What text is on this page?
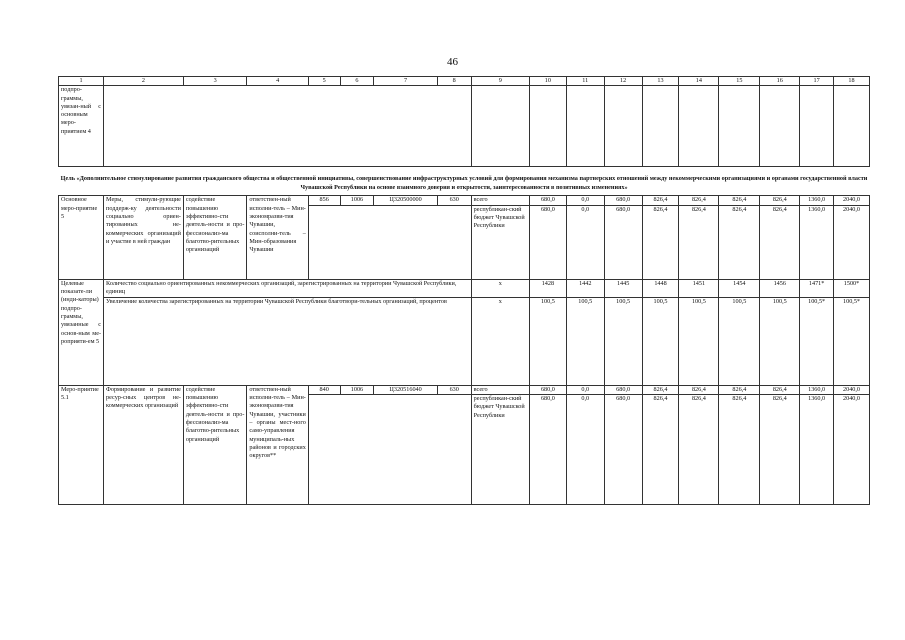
46
1	2	3	4	5	6	7	8	9	10	11	12	13	14	15	16	17	18
подпро-граммы, увязан-ный с основным меро-приятием 4																	
Цель «Дополнительное стимулирование развития гражданского общества и общественной инициативы, совершенствование инфраструктурных условий для формирования механизма партнерских отношений между некоммерческими организациями и органами государственной власти Чувашской Республики на основе взаимного доверия и открытости, заинтересованности в позитивных изменениях»																	
Основное меро-приятие 5	Меры, стимули-рующие поддерж-ку деятельности социально ориен-тированных не-коммерческих организаций и участие в ней граждан	содействие повышению эффективно-сти деятель-ности и про-фессионализ-ма благотво-рительных организаций	ответствен-ный исполни-тель – Мин-экономразви-тия Чувашии, соисполни-тель – Мин-образования Чувашии	856	1006	Ц320500000	630	всего	680,0	0,0	680,0	826,4	826,4	826,4	826,4	1360,0	2040,0
								республикан-ский бюджет Чувашской Республики	680,0	0,0	680,0	826,4	826,4	826,4	826,4	1360,0	2040,0
Целевые показате-ли (инди-каторы) подпро-граммы, увязанные с основ-ным ме-роприяти-ем 5	Количество социально ориентированных некоммерческих организаций, зарегистрированных на территории Чувашской Республики, единиц							х	1428	1442	1445	1448	1451	1454	1456	1471*	1500*
	Увеличение количества зарегистрированных на территории Чувашской Республики благотвори-тельных организаций, процентов							х	100,5	100,5	100,5	100,5	100,5	100,5	100,5	100,5*	100,5*
Меро-приятие 5.1	Формирование и развитие ресур-сных центров не-коммерческих организаций	содействие повышению эффективно-сти деятель-ности и про-фессионализ-ма благотво-рительных организаций	ответствен-ный исполни-тель – Мин-экономразви-тия Чувашии, участники – органы мест-ного само-управления муниципаль-ных районов и городских округов**	840	1006	Ц320516040	630	всего	680,0	0,0	680,0	826,4	826,4	826,4	826,4	1360,0	2040,0
								республикан-ский бюджет Чувашской Республики	680,0	0,0	680,0	826,4	826,4	826,4	826,4	1360,0	2040,0
